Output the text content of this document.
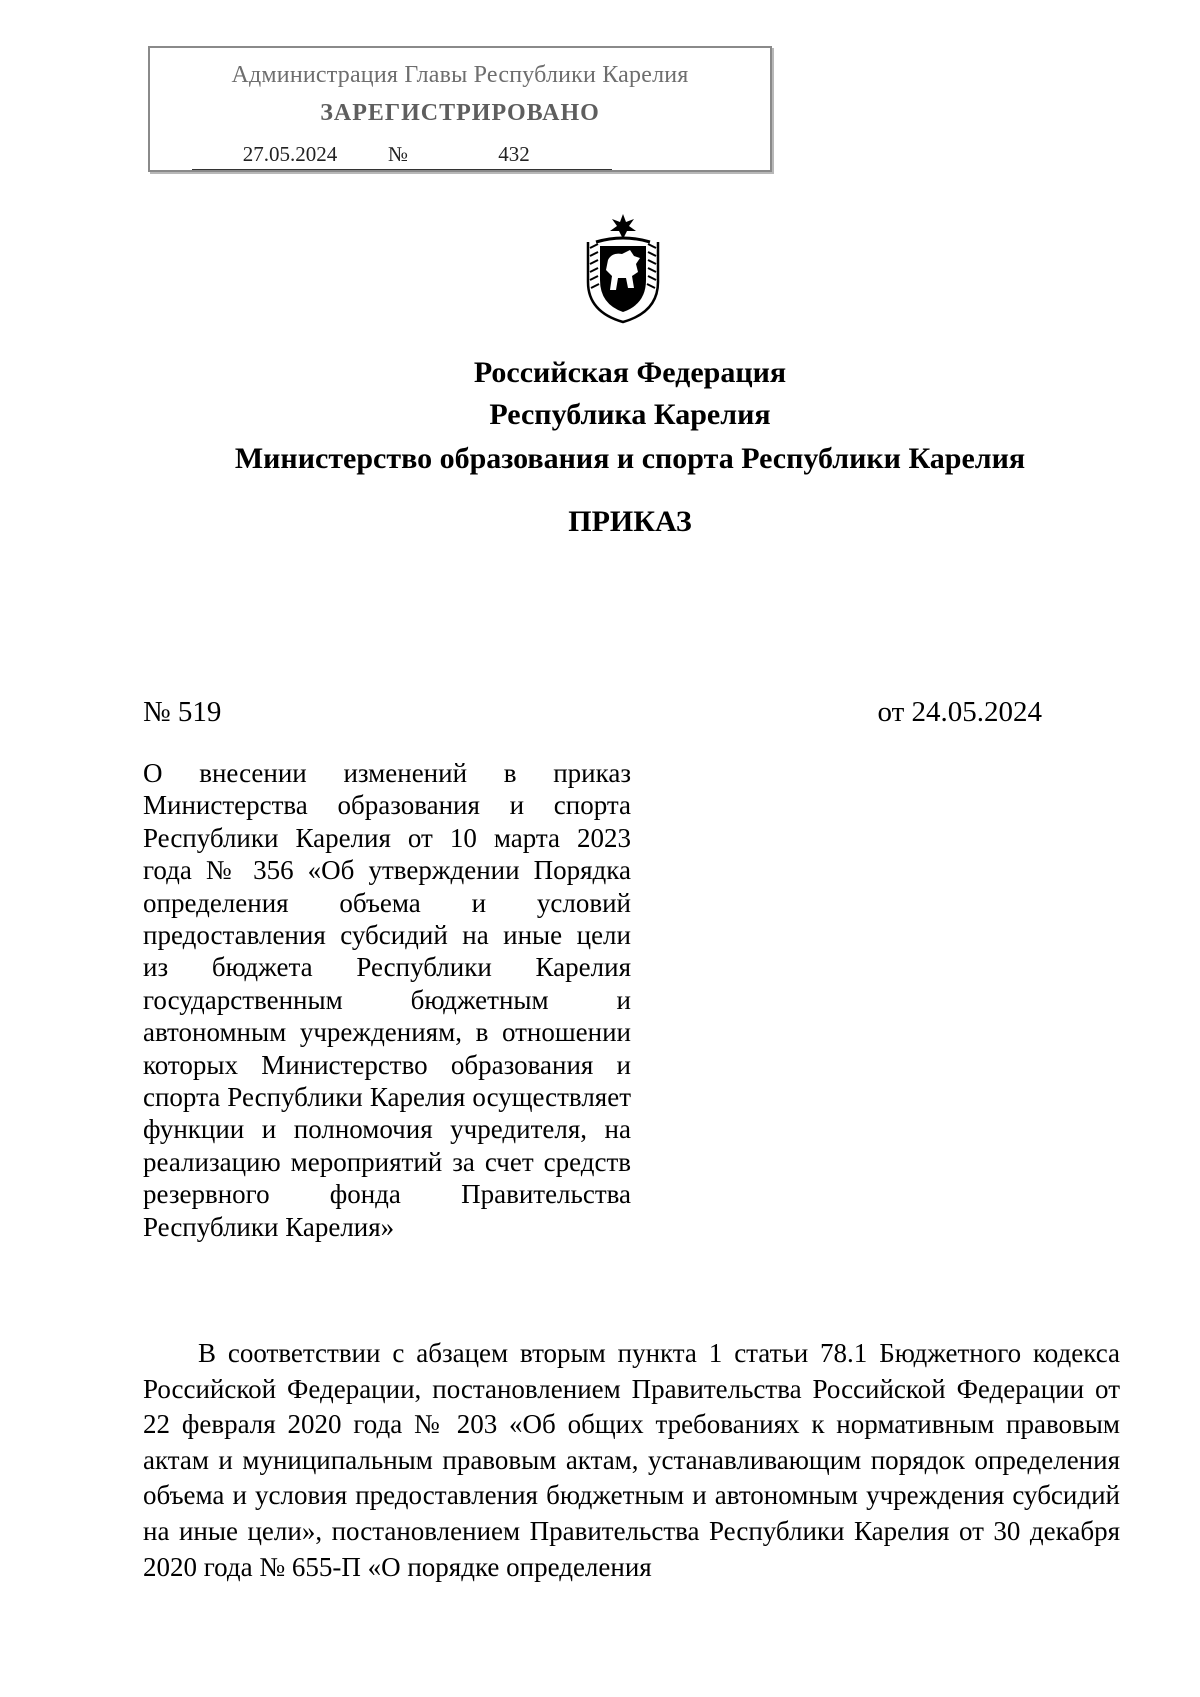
Администрация Главы Республики Карелия
ЗАРЕГИСТРИРОВАНО
27.05.2024	№	432
Российская Федерация
Республика Карелия
Министерство образования и спорта Республики Карелия
ПРИКАЗ
№ 519	от 24.05.2024
О внесении изменений в приказ Министерства образования и спорта Республики Карелия от 10 марта 2023 года № 356 «Об утверждении Порядка определения объема и условий предоставления субсидий на иные цели из бюджета Республики Карелия государственным бюджетным и автономным учреждениям, в отношении которых Министерство образования и спорта Республики Карелия осуществляет функции и полномочия учредителя, на реализацию мероприятий за счет средств резервного фонда Правительства Республики Карелия»

В соответствии с абзацем вторым пункта 1 статьи 78.1 Бюджетного кодекса Российской Федерации, постановлением Правительства Российской Федерации от 22 февраля 2020 года № 203 «Об общих требованиях к нормативным правовым актам и муниципальным правовым актам, устанавливающим порядок определения объема и условия предоставления бюджетным и автономным учреждения субсидий на иные цели», постановлением Правительства Республики Карелия от 30 декабря 2020 года № 655-П «О порядке определения
